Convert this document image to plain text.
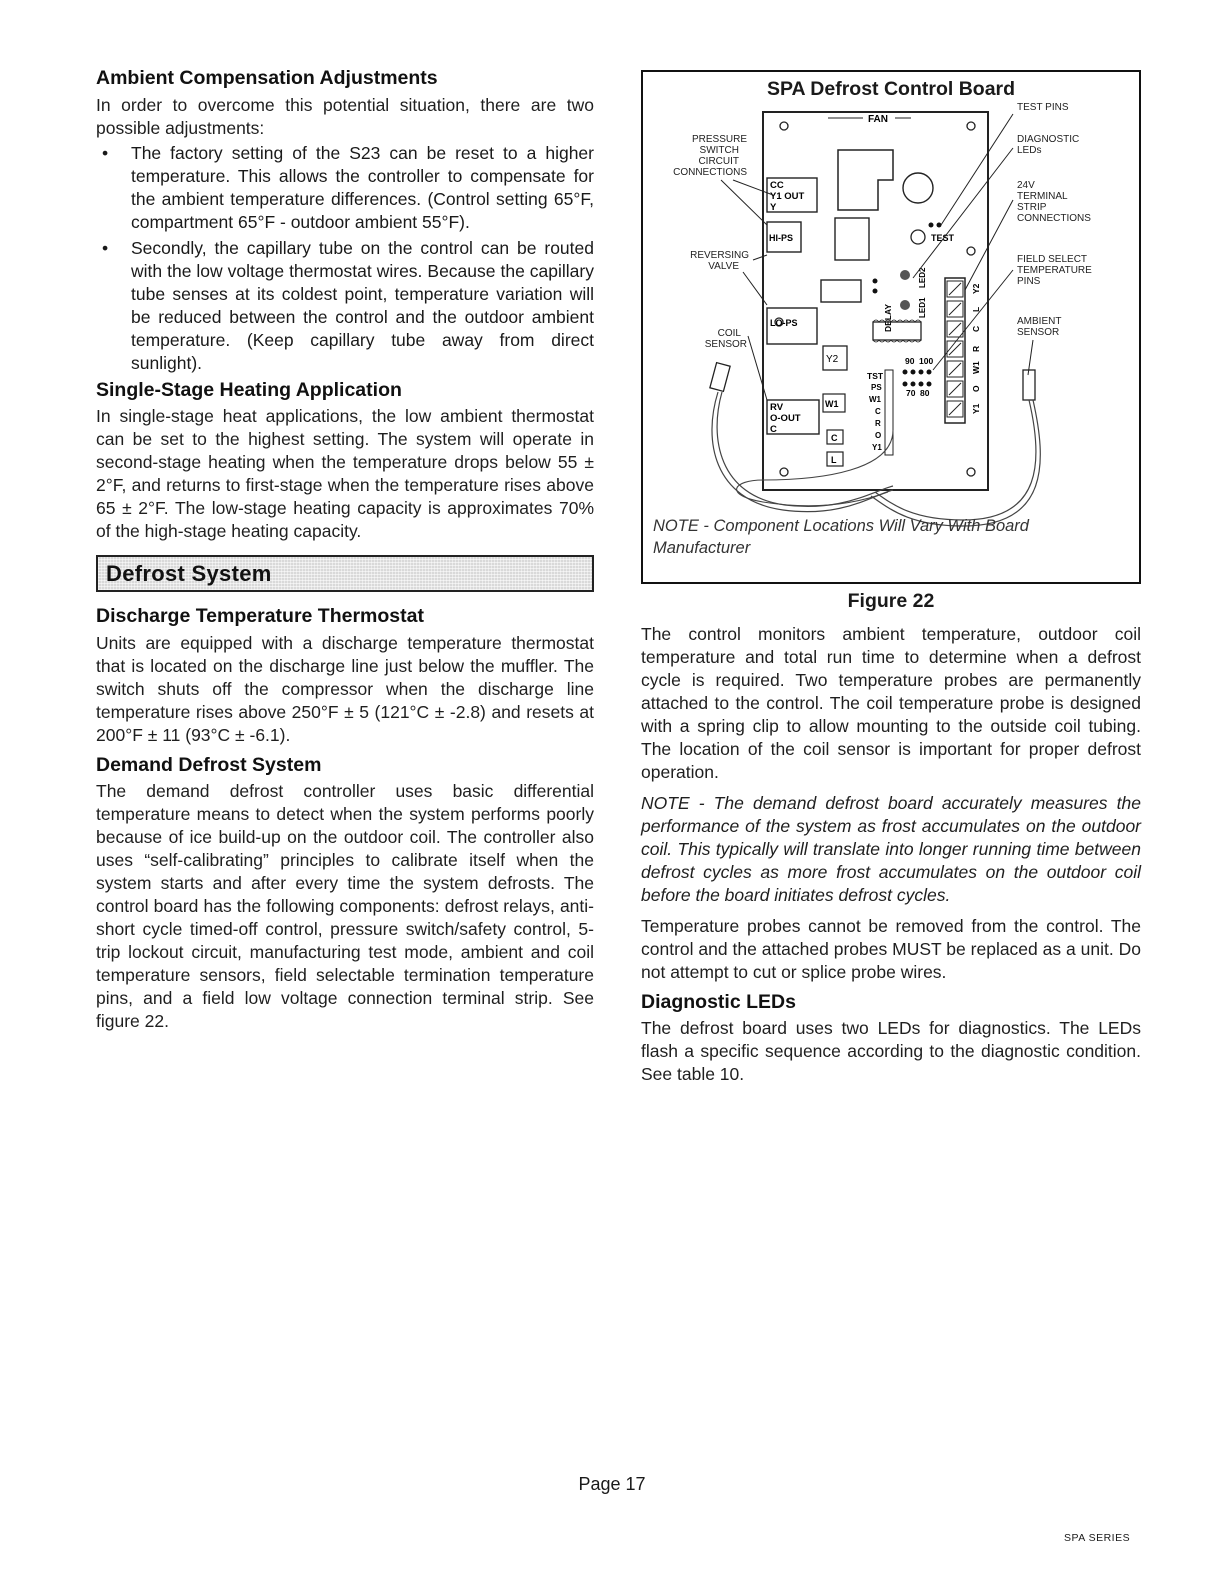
Ambient Compensation Adjustments

In order to overcome this potential situation, there are two possible adjustments:

• The factory setting of the S23 can be reset to a higher temperature. This allows the controller to compensate for the ambient temperature differences. (Control setting 65°F, compartment 65°F - outdoor ambient 55°F).
• Secondly, the capillary tube on the control can be routed with the low voltage thermostat wires. Because the capillary tube senses at its coldest point, temperature variation will be reduced between the control and the outdoor ambient temperature. (Keep capillary tube away from direct sunlight).
Single-Stage Heating Application

In single-stage heat applications, the low ambient thermostat can be set to the highest setting. The system will operate in second-stage heating when the temperature drops below 55 ± 2°F, and returns to first-stage when the temperature rises above 65 ± 2°F. The low-stage heating capacity is approximates 70% of the high-stage heating capacity.

Defrost System
Discharge Temperature Thermostat

Units are equipped with a discharge temperature thermostat that is located on the discharge line just below the muffler. The switch shuts off the compressor when the discharge line temperature rises above 250°F ± 5 (121°C ± -2.8) and resets at 200°F ± 11 (93°C ± -6.1).

Demand Defrost System

The demand defrost controller uses basic differential temperature means to detect when the system performs poorly because of ice build-up on the outdoor coil. The controller also uses “self-calibrating” principles to calibrate itself when the system starts and after every time the system defrosts. The control board has the following components: defrost relays, anti-short cycle timed-off control, pressure switch/safety control, 5-trip lockout circuit, manufacturing test mode, ambient and coil temperature sensors, field selectable termination temperature pins, and a field low voltage connection terminal strip. See figure 22.

SPA Defrost Control Board
FAN
TEST
CC
Y1 OUT
Y
HI-PS
LO-PS	DELAY
LED2
LED1
Y2	90 100
70 80
TST
PS
W1
C
R
O
Y1
RV
O-OUT
C
W1
C
L
Y2
L
C
R
W1
O
Y1
PRESSURE
SWITCH
CIRCUIT
CONNECTIONS
REVERSING
VALVE
COIL
SENSOR
TEST PINS
DIAGNOSTIC
LEDs
24V
TERMINAL
STRIP
CONNECTIONS
FIELD SELECT
TEMPERATURE
PINS
AMBIENT
SENSOR
NOTE - Component Locations Will Vary With Board Manufacturer
Figure 22

The control monitors ambient temperature, outdoor coil temperature and total run time to determine when a defrost cycle is required. Two temperature probes are permanently attached to the control. The coil temperature probe is designed with a spring clip to allow mounting to the outside coil tubing. The location of the coil sensor is important for proper defrost operation.

NOTE - The demand defrost board accurately measures the performance of the system as frost accumulates on the outdoor coil. This typically will translate into longer running time between defrost cycles as more frost accumulates on the outdoor coil before the board initiates defrost cycles.

Temperature probes cannot be removed from the control. The control and the attached probes MUST be replaced as a unit. Do not attempt to cut or splice probe wires.

Diagnostic LEDs

The defrost board uses two LEDs for diagnostics. The LEDs flash a specific sequence according to the diagnostic condition. See table 10.

Page 17
SPA SERIES
